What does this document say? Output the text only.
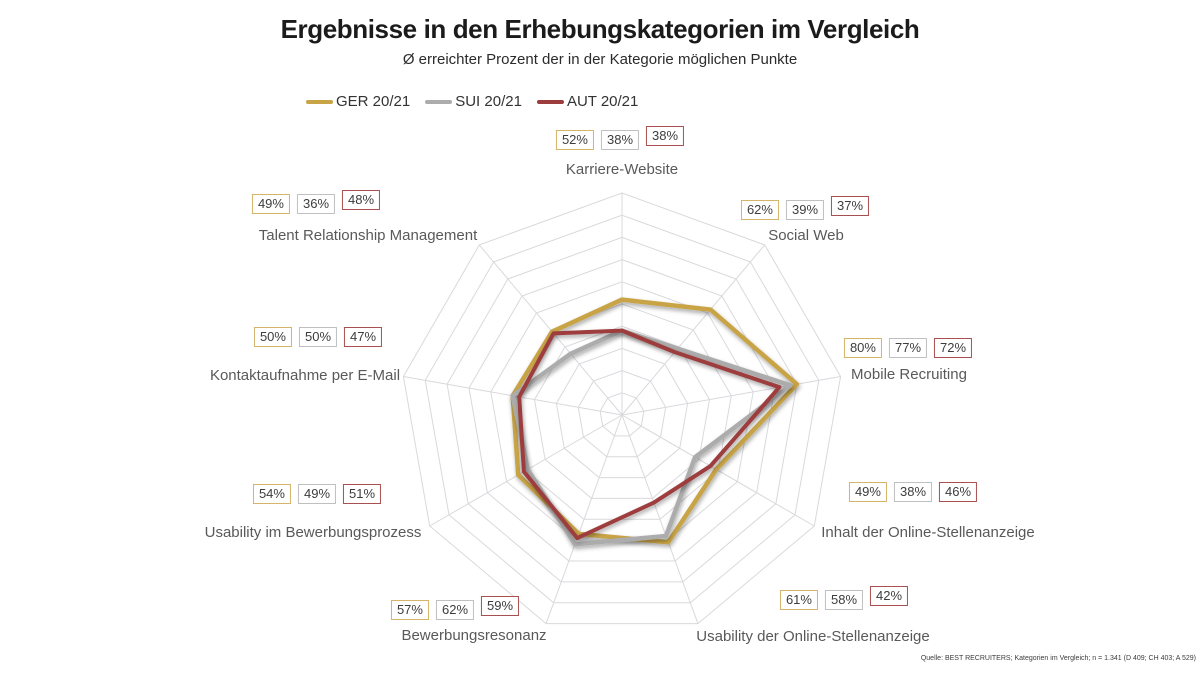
Ergebnisse in den Erhebungskategorien im Vergleich
Ø erreichter Prozent der in der Kategorie möglichen Punkte
GER 20/21	SUI 20/21	AUT 20/21
52%	38%	38%
Karriere-Website
62%	39%	37%
Social Web
80%	77%	72%
Mobile Recruiting
49%	38%	46%
Inhalt der Online-Stellenanzeige
61%	58%	42%
Usability der Online-Stellenanzeige
57%	62%	59%
Bewerbungsresonanz
54%	49%	51%
Usability im Bewerbungsprozess
50%	50%	47%
Kontaktaufnahme per E-Mail
49%	36%	48%
Talent Relationship Management
Quelle: BEST RECRUITERS; Kategorien im Vergleich; n = 1.341 (D 409; CH 403; A 529)
